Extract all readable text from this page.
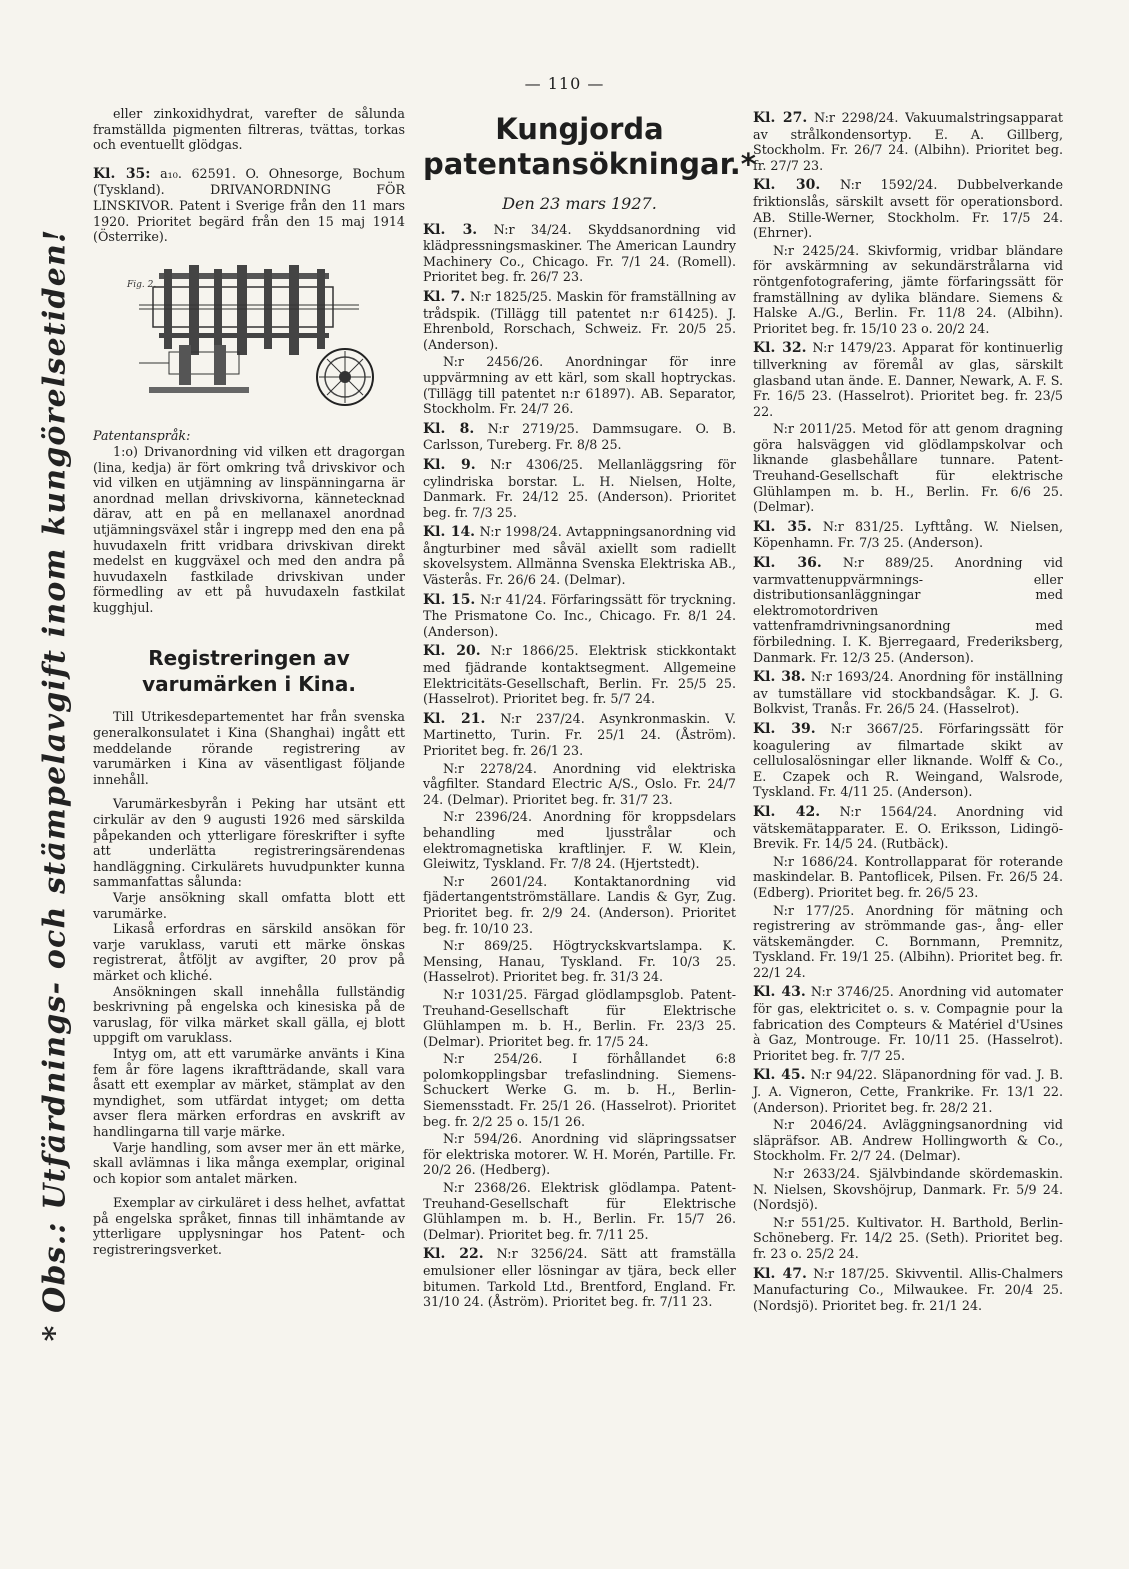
— 110 —
* Obs.: Utfärdnings- och stämpelavgift inom kungörelsetiden!

eller zinkoxidhydrat, varefter de sålunda framställda pigmenten filtreras, tvättas, torkas och eventuellt glödgas.

Kl. 35: a₁₀. 62591. O. Ohnesorge, Bochum (Tyskland). DRIVANORDNING FÖR LINSKIVOR. Patent i Sverige från den 11 mars 1920. Prioritet begärd från den 15 maj 1914 (Österrike).

Fig. 2.

Patentanspråk:

1:o) Drivanordning vid vilken ett dragorgan (lina, kedja) är fört omkring två drivskivor och vid vilken en utjämning av linspänningarna är anordnad mellan drivskivorna, kännetecknad därav, att en på en mellanaxel anordnad utjämningsväxel står i ingrepp med den ena på huvudaxeln fritt vridbara drivskivan direkt medelst en kuggväxel och med den andra på huvudaxeln fastkilade drivskivan under förmedling av ett på huvudaxeln fastkilat kugghjul.

Registreringen av varumärken i Kina.

Till Utrikesdepartementet har från svenska generalkonsulatet i Kina (Shanghai) ingått ett meddelande rörande registrering av varumärken i Kina av väsentligast följande innehåll.

Varumärkesbyrån i Peking har utsänt ett cirkulär av den 9 augusti 1926 med särskilda påpekanden och ytterligare föreskrifter i syfte att underlätta registreringsärendenas handläggning. Cirkulärets huvudpunkter kunna sammanfattas sålunda:

Varje ansökning skall omfatta blott ett varumärke.

Likaså erfordras en särskild ansökan för varje varuklass, varuti ett märke önskas registrerat, åtföljt av avgifter, 20 prov på märket och kliché.

Ansökningen skall innehålla fullständig beskrivning på engelska och kinesiska på de varuslag, för vilka märket skall gälla, ej blott uppgift om varuklass.

Intyg om, att ett varumärke använts i Kina fem år före lagens ikraftträdande, skall vara åsatt ett exemplar av märket, stämplat av den myndighet, som utfärdat intyget; om detta avser flera märken erfordras en avskrift av handlingarna till varje märke.

Varje handling, som avser mer än ett märke, skall avlämnas i lika många exemplar, original och kopior som antalet märken.

Exemplar av cirkuläret i dess helhet, avfattat på engelska språket, finnas till inhämtande av ytterligare upplysningar hos Patent- och registreringsverket.

Kungjorda patentansökningar.*
Den 23 mars 1927.

Kl. 3. N:r 34/24. Skyddsanordning vid klädpressningsmaskiner. The American Laundry Machinery Co., Chicago. Fr. 7/1 24. (Romell). Prioritet beg. fr. 26/7 23.

Kl. 7. N:r 1825/25. Maskin för framställning av trådspik. (Tillägg till patentet n:r 61425). J. Ehrenbold, Rorschach, Schweiz. Fr. 20/5 25. (Anderson).

N:r 2456/26. Anordningar för inre uppvärmning av ett kärl, som skall hoptryckas. (Tillägg till patentet n:r 61897). AB. Separator, Stockholm. Fr. 24/7 26.

Kl. 8. N:r 2719/25. Dammsugare. O. B. Carlsson, Tureberg. Fr. 8/8 25.

Kl. 9. N:r 4306/25. Mellanläggsring för cylindriska borstar. L. H. Nielsen, Holte, Danmark. Fr. 24/12 25. (Anderson). Prioritet beg. fr. 7/3 25.

Kl. 14. N:r 1998/24. Avtappningsanordning vid ångturbiner med såväl axiellt som radiellt skovelsystem. Allmänna Svenska Elektriska AB., Västerås. Fr. 26/6 24. (Delmar).

Kl. 15. N:r 41/24. Förfaringssätt för tryckning. The Prismatone Co. Inc., Chicago. Fr. 8/1 24. (Anderson).

Kl. 20. N:r 1866/25. Elektrisk stickkontakt med fjädrande kontaktsegment. Allgemeine Elektricitäts-Gesellschaft, Berlin. Fr. 25/5 25. (Hasselrot). Prioritet beg. fr. 5/7 24.

Kl. 21. N:r 237/24. Asynkronmaskin. V. Martinetto, Turin. Fr. 25/1 24. (Åström). Prioritet beg. fr. 26/1 23.

N:r 2278/24. Anordning vid elektriska vågfilter. Standard Electric A/S., Oslo. Fr. 24/7 24. (Delmar). Prioritet beg. fr. 31/7 23.

N:r 2396/24. Anordning för kroppsdelars behandling med ljusstrålar och elektromagnetiska kraftlinjer. F. W. Klein, Gleiwitz, Tyskland. Fr. 7/8 24. (Hjertstedt).

N:r 2601/24. Kontaktanordning vid fjädertangentströmställare. Landis & Gyr, Zug. Prioritet beg. fr. 2/9 24. (Anderson). Prioritet beg. fr. 10/10 23.

N:r 869/25. Högtryckskvartslampa. K. Mensing, Hanau, Tyskland. Fr. 10/3 25. (Hasselrot). Prioritet beg. fr. 31/3 24.

N:r 1031/25. Färgad glödlampsglob. Patent-Treuhand-Gesellschaft für Elektrische Glühlampen m. b. H., Berlin. Fr. 23/3 25. (Delmar). Prioritet beg. fr. 17/5 24.

N:r 254/26. I förhållandet 6:8 polomkopplingsbar trefaslindning. Siemens-Schuckert Werke G. m. b. H., Berlin-Siemensstadt. Fr. 25/1 26. (Hasselrot). Prioritet beg. fr. 2/2 25 o. 15/1 26.

N:r 594/26. Anordning vid släpringssatser för elektriska motorer. W. H. Morén, Partille. Fr. 20/2 26. (Hedberg).

N:r 2368/26. Elektrisk glödlampa. Patent-Treuhand-Gesellschaft für Elektrische Glühlampen m. b. H., Berlin. Fr. 15/7 26. (Delmar). Prioritet beg. fr. 7/11 25.

Kl. 22. N:r 3256/24. Sätt att framställa emulsioner eller lösningar av tjära, beck eller bitumen. Tarkold Ltd., Brentford, England. Fr. 31/10 24. (Åström). Prioritet beg. fr. 7/11 23.

Kl. 27. N:r 2298/24. Vakuumalstringsapparat av strålkondensortyp. E. A. Gillberg, Stockholm. Fr. 26/7 24. (Albihn). Prioritet beg. fr. 27/7 23.

Kl. 30. N:r 1592/24. Dubbelverkande friktionslås, särskilt avsett för operationsbord. AB. Stille-Werner, Stockholm. Fr. 17/5 24. (Ehrner).

N:r 2425/24. Skivformig, vridbar bländare för avskärmning av sekundärstrålarna vid röntgenfotografering, jämte förfaringssätt för framställning av dylika bländare. Siemens & Halske A./G., Berlin. Fr. 11/8 24. (Albihn). Prioritet beg. fr. 15/10 23 o. 20/2 24.

Kl. 32. N:r 1479/23. Apparat för kontinuerlig tillverkning av föremål av glas, särskilt glasband utan ände. E. Danner, Newark, A. F. S. Fr. 16/5 23. (Hasselrot). Prioritet beg. fr. 23/5 22.

N:r 2011/25. Metod för att genom dragning göra halsväggen vid glödlampskolvar och liknande glasbehållare tunnare. Patent-Treuhand-Gesellschaft für elektrische Glühlampen m. b. H., Berlin. Fr. 6/6 25. (Delmar).

Kl. 35. N:r 831/25. Lyfttång. W. Nielsen, Köpenhamn. Fr. 7/3 25. (Anderson).

Kl. 36. N:r 889/25. Anordning vid varmvattenuppvärmnings- eller distributionsanläggningar med elektromotordriven vattenframdrivningsanordning med förbiledning. I. K. Bjerregaard, Frederiksberg, Danmark. Fr. 12/3 25. (Anderson).

Kl. 38. N:r 1693/24. Anordning för inställning av tumställare vid stockbandsågar. K. J. G. Bolkvist, Tranås. Fr. 26/5 24. (Hasselrot).

Kl. 39. N:r 3667/25. Förfaringssätt för koagulering av filmartade skikt av cellulosalösningar eller liknande. Wolff & Co., E. Czapek och R. Weingand, Walsrode, Tyskland. Fr. 4/11 25. (Anderson).

Kl. 42. N:r 1564/24. Anordning vid vätskemätapparater. E. O. Eriksson, Lidingö-Brevik. Fr. 14/5 24. (Rutbäck).

N:r 1686/24. Kontrollapparat för roterande maskindelar. B. Pantoflicek, Pilsen. Fr. 26/5 24. (Edberg). Prioritet beg. fr. 26/5 23.

N:r 177/25. Anordning för mätning och registrering av strömmande gas-, ång- eller vätskemängder. C. Bornmann, Premnitz, Tyskland. Fr. 19/1 25. (Albihn). Prioritet beg. fr. 22/1 24.

Kl. 43. N:r 3746/25. Anordning vid automater för gas, elektricitet o. s. v. Compagnie pour la fabrication des Compteurs & Matériel d'Usines à Gaz, Montrouge. Fr. 10/11 25. (Hasselrot). Prioritet beg. fr. 7/7 25.

Kl. 45. N:r 94/22. Släpanordning för vad. J. B. J. A. Vigneron, Cette, Frankrike. Fr. 13/1 22. (Anderson). Prioritet beg. fr. 28/2 21.

N:r 2046/24. Avläggningsanordning vid släpräfsor. AB. Andrew Hollingworth & Co., Stockholm. Fr. 2/7 24. (Delmar).

N:r 2633/24. Självbindande skördemaskin. N. Nielsen, Skovshöjrup, Danmark. Fr. 5/9 24. (Nordsjö).

N:r 551/25. Kultivator. H. Barthold, Berlin-Schöneberg. Fr. 14/2 25. (Seth). Prioritet beg. fr. 23 o. 25/2 24.

Kl. 47. N:r 187/25. Skivventil. Allis-Chalmers Manufacturing Co., Milwaukee. Fr. 20/4 25. (Nordsjö). Prioritet beg. fr. 21/1 24.
